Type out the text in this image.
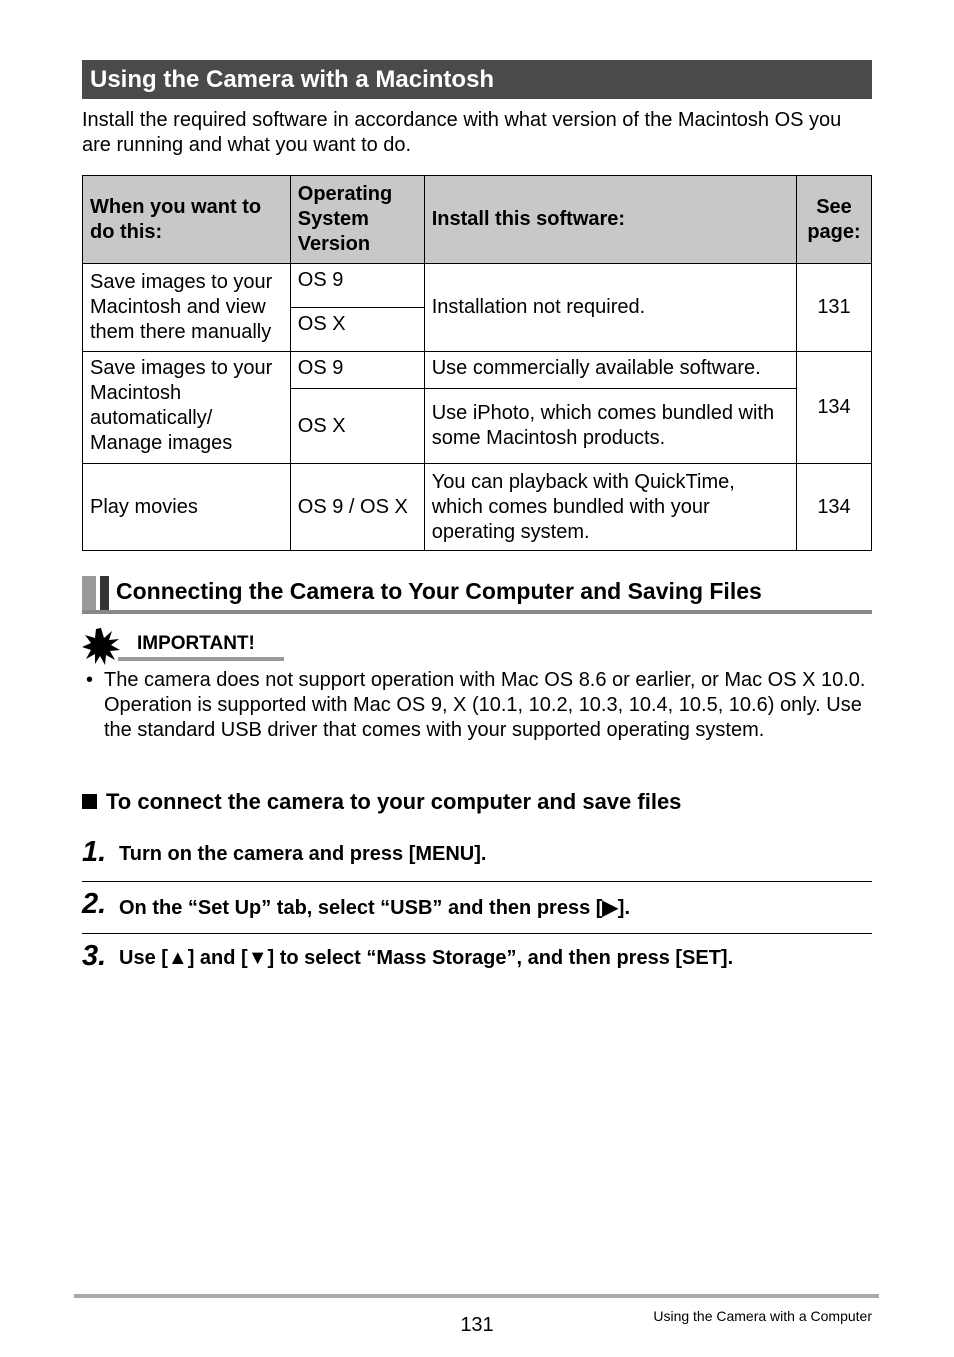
Using the Camera with a Macintosh
Install the required software in accordance with what version of the Macintosh OS you are running and what you want to do.
When you want to do this:	Operating System Version	Install this software:	See page:
Save images to your Macintosh and view them there manually	OS 9	Installation not required.	131
	OS X		
Save images to your Macintosh automatically/ Manage images	OS 9	Use commercially available software.	134
	OS X	Use iPhoto, which comes bundled with some Macintosh products.	
Play movies	OS 9 / OS X	You can playback with QuickTime, which comes bundled with your operating system.	134
Connecting the Camera to Your Computer and Saving Files
IMPORTANT!
• The camera does not support operation with Mac OS 8.6 or earlier, or Mac OS X 10.0. Operation is supported with Mac OS 9, X (10.1, 10.2, 10.3, 10.4, 10.5, 10.6) only. Use the standard USB driver that comes with your supported operating system.
To connect the camera to your computer and save files
1. Turn on the camera and press [MENU].
2. On the “Set Up” tab, select “USB” and then press [▶].
3. Use [▲] and [▼] to select “Mass Storage”, and then press [SET].
131	Using the Camera with a Computer
